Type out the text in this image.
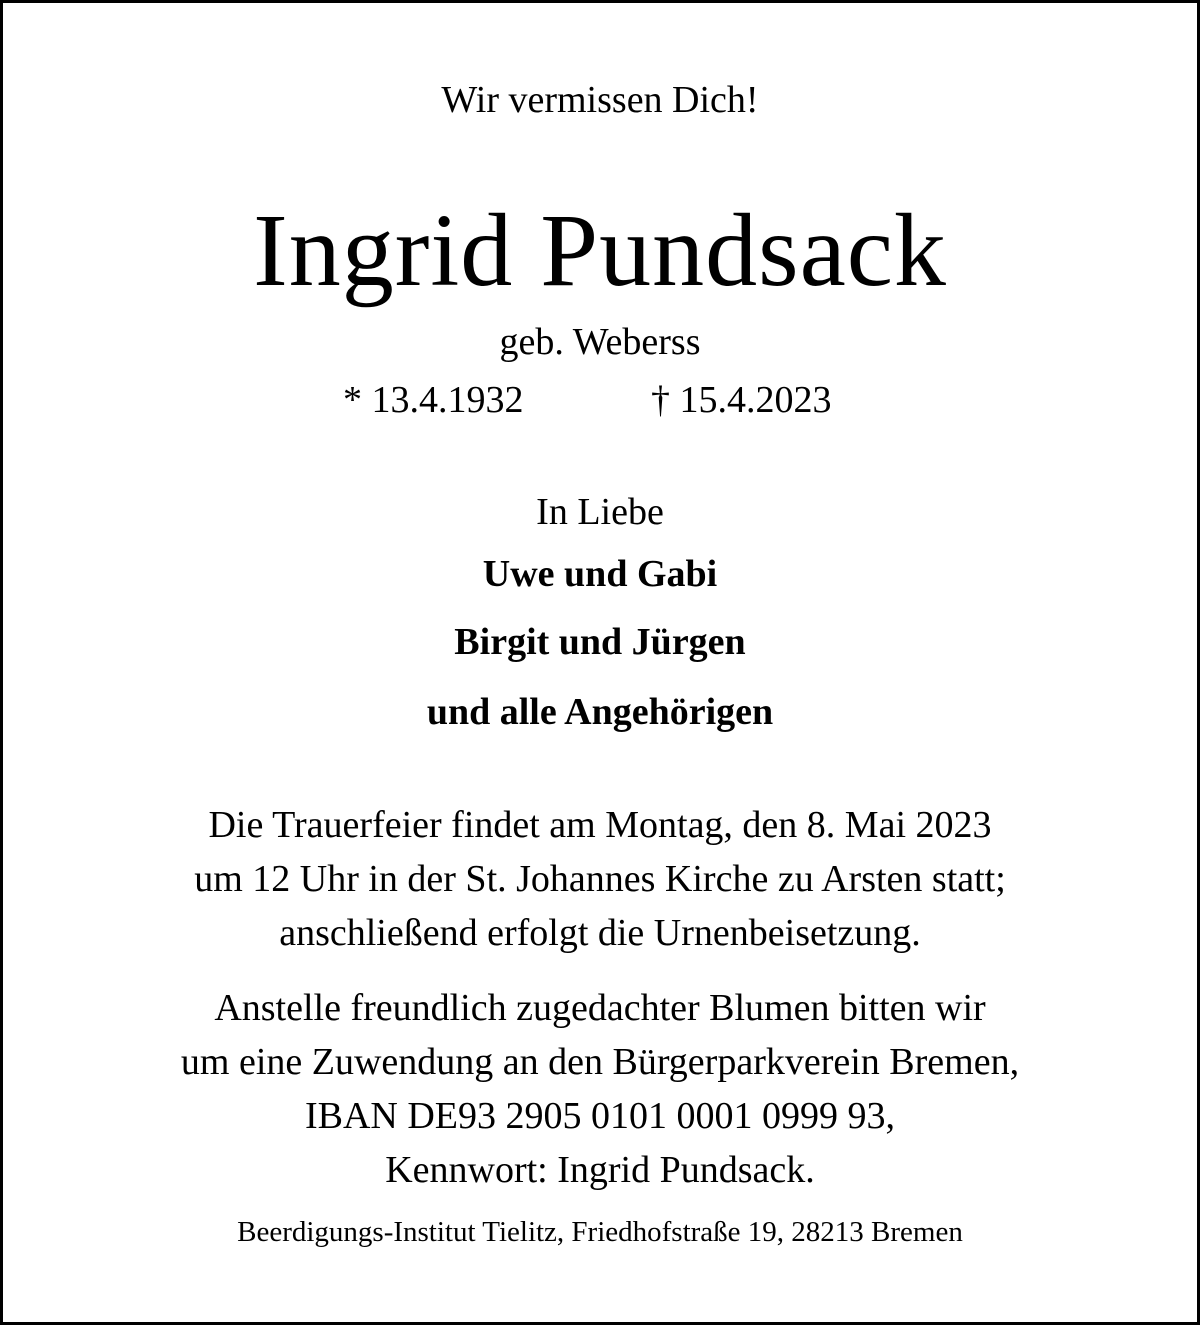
Wir vermissen Dich!
Ingrid Pundsack
geb. Weberss
* 13.4.1932	† 15.4.2023
In Liebe
Uwe und Gabi
Birgit und Jürgen
und alle Angehörigen
Die Trauerfeier findet am Montag, den 8. Mai 2023
um 12 Uhr in der St. Johannes Kirche zu Arsten statt;
anschließend erfolgt die Urnenbeisetzung.
Anstelle freundlich zugedachter Blumen bitten wir
um eine Zuwendung an den Bürgerparkverein Bremen,
IBAN DE93 2905 0101 0001 0999 93,
Kennwort: Ingrid Pundsack.
Beerdigungs-Institut Tielitz, Friedhofstraße 19, 28213 Bremen
